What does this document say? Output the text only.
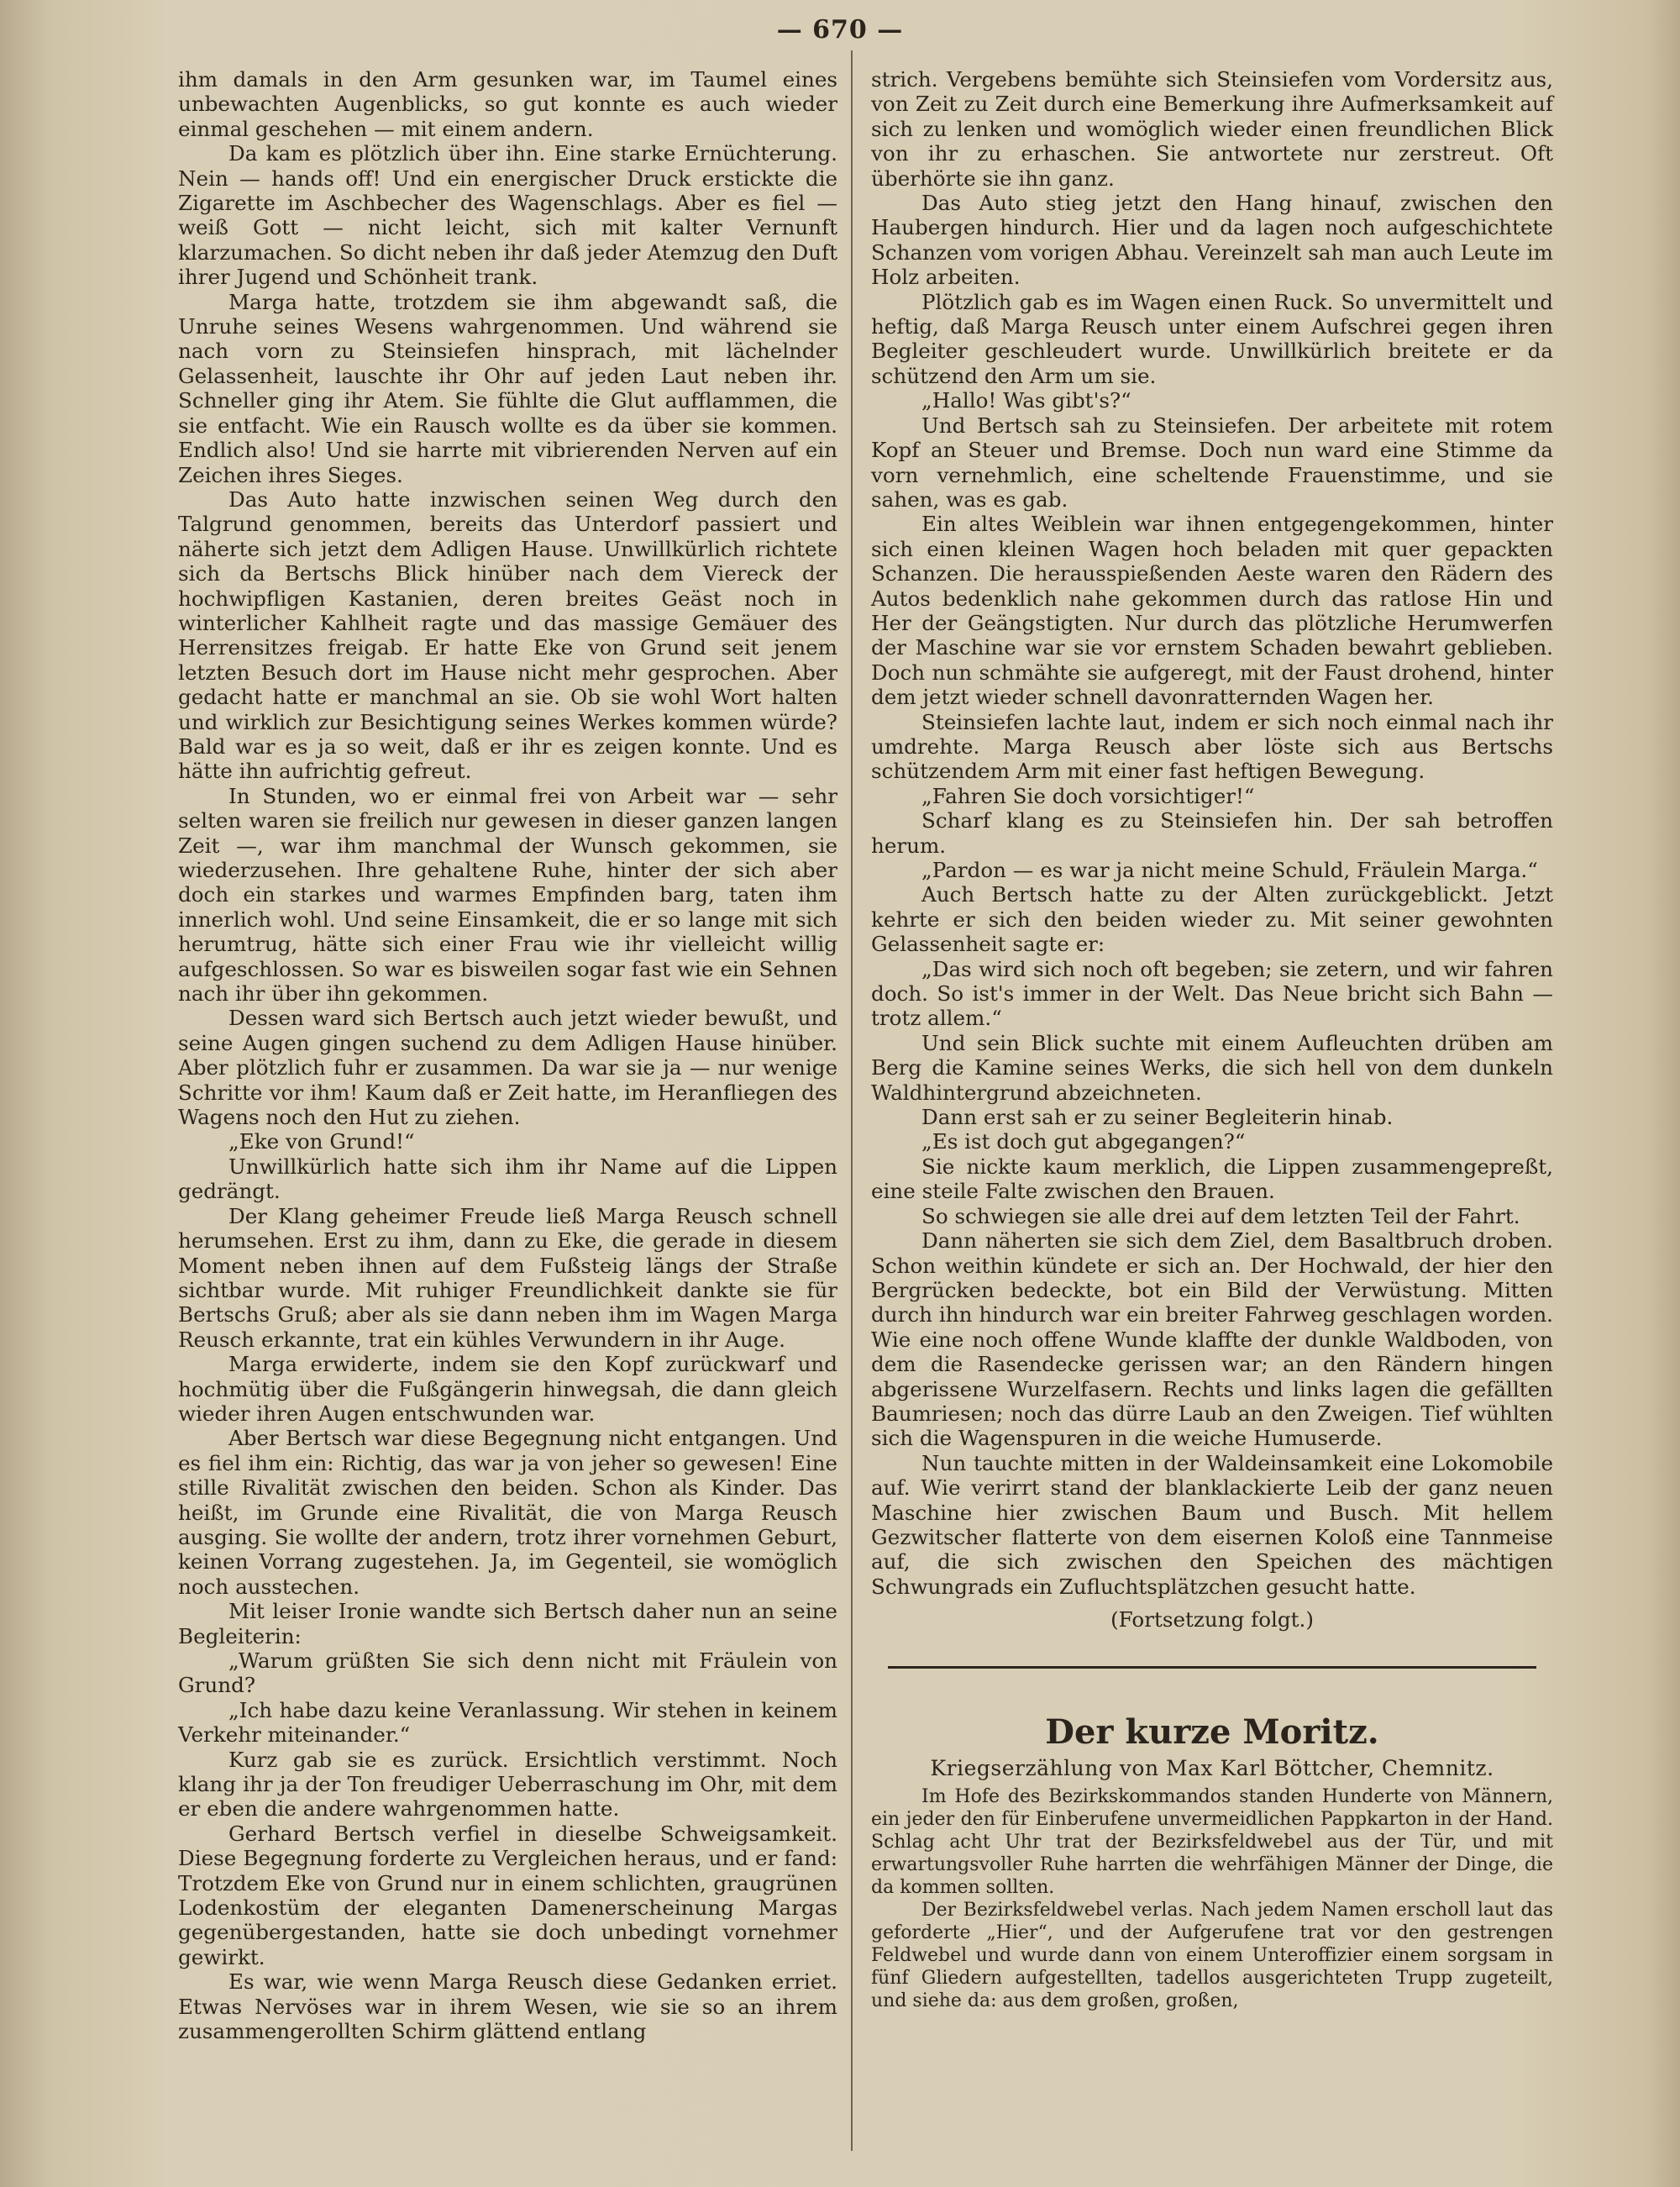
— 670 —

ihm damals in den Arm gesunken war, im Taumel eines unbewachten Augenblicks, so gut konnte es auch wieder einmal geschehen — mit einem andern.

Da kam es plötzlich über ihn. Eine starke Ernüchterung. Nein — hands off! Und ein energischer Druck erstickte die Zigarette im Aschbecher des Wagenschlags. Aber es fiel — weiß Gott — nicht leicht, sich mit kalter Vernunft klarzumachen. So dicht neben ihr daß jeder Atemzug den Duft ihrer Jugend und Schönheit trank.

Marga hatte, trotzdem sie ihm abgewandt saß, die Unruhe seines Wesens wahrgenommen. Und während sie nach vorn zu Steinsiefen hinsprach, mit lächelnder Gelassenheit, lauschte ihr Ohr auf jeden Laut neben ihr. Schneller ging ihr Atem. Sie fühlte die Glut aufflammen, die sie entfacht. Wie ein Rausch wollte es da über sie kommen. Endlich also! Und sie harrte mit vibrierenden Nerven auf ein Zeichen ihres Sieges.

Das Auto hatte inzwischen seinen Weg durch den Talgrund genommen, bereits das Unterdorf passiert und näherte sich jetzt dem Adligen Hause. Unwillkürlich richtete sich da Bertschs Blick hinüber nach dem Viereck der hochwipfligen Kastanien, deren breites Geäst noch in winterlicher Kahlheit ragte und das massige Gemäuer des Herrensitzes freigab. Er hatte Eke von Grund seit jenem letzten Besuch dort im Hause nicht mehr gesprochen. Aber gedacht hatte er manchmal an sie. Ob sie wohl Wort halten und wirklich zur Besichtigung seines Werkes kommen würde? Bald war es ja so weit, daß er ihr es zeigen konnte. Und es hätte ihn aufrichtig gefreut.

In Stunden, wo er einmal frei von Arbeit war — sehr selten waren sie freilich nur gewesen in dieser ganzen langen Zeit —, war ihm manchmal der Wunsch gekommen, sie wiederzusehen. Ihre gehaltene Ruhe, hinter der sich aber doch ein starkes und warmes Empfinden barg, taten ihm innerlich wohl. Und seine Einsamkeit, die er so lange mit sich herumtrug, hätte sich einer Frau wie ihr vielleicht willig aufgeschlossen. So war es bisweilen sogar fast wie ein Sehnen nach ihr über ihn gekommen.

Dessen ward sich Bertsch auch jetzt wieder bewußt, und seine Augen gingen suchend zu dem Adligen Hause hinüber. Aber plötzlich fuhr er zusammen. Da war sie ja — nur wenige Schritte vor ihm! Kaum daß er Zeit hatte, im Heranfliegen des Wagens noch den Hut zu ziehen.

„Eke von Grund!“

Unwillkürlich hatte sich ihm ihr Name auf die Lippen gedrängt.

Der Klang geheimer Freude ließ Marga Reusch schnell herumsehen. Erst zu ihm, dann zu Eke, die gerade in diesem Moment neben ihnen auf dem Fußsteig längs der Straße sichtbar wurde. Mit ruhiger Freundlichkeit dankte sie für Bertschs Gruß; aber als sie dann neben ihm im Wagen Marga Reusch erkannte, trat ein kühles Verwundern in ihr Auge.

Marga erwiderte, indem sie den Kopf zurückwarf und hochmütig über die Fußgängerin hinwegsah, die dann gleich wieder ihren Augen entschwunden war.

Aber Bertsch war diese Begegnung nicht entgangen. Und es fiel ihm ein: Richtig, das war ja von jeher so gewesen! Eine stille Rivalität zwischen den beiden. Schon als Kinder. Das heißt, im Grunde eine Rivalität, die von Marga Reusch ausging. Sie wollte der andern, trotz ihrer vornehmen Geburt, keinen Vorrang zugestehen. Ja, im Gegenteil, sie womöglich noch ausstechen.

Mit leiser Ironie wandte sich Bertsch daher nun an seine Begleiterin:

„Warum grüßten Sie sich denn nicht mit Fräulein von Grund?

„Ich habe dazu keine Veranlassung. Wir stehen in keinem Verkehr miteinander.“

Kurz gab sie es zurück. Ersichtlich verstimmt. Noch klang ihr ja der Ton freudiger Ueberraschung im Ohr, mit dem er eben die andere wahrgenommen hatte.

Gerhard Bertsch verfiel in dieselbe Schweigsamkeit. Diese Begegnung forderte zu Vergleichen heraus, und er fand: Trotzdem Eke von Grund nur in einem schlichten, graugrünen Lodenkostüm der eleganten Damenerscheinung Margas gegenübergestanden, hatte sie doch unbedingt vornehmer gewirkt.

Es war, wie wenn Marga Reusch diese Gedanken erriet. Etwas Nervöses war in ihrem Wesen, wie sie so an ihrem zusammengerollten Schirm glättend entlang

strich. Vergebens bemühte sich Steinsiefen vom Vordersitz aus, von Zeit zu Zeit durch eine Bemerkung ihre Aufmerksamkeit auf sich zu lenken und womöglich wieder einen freundlichen Blick von ihr zu erhaschen. Sie antwortete nur zerstreut. Oft überhörte sie ihn ganz.

Das Auto stieg jetzt den Hang hinauf, zwischen den Haubergen hindurch. Hier und da lagen noch aufgeschichtete Schanzen vom vorigen Abhau. Vereinzelt sah man auch Leute im Holz arbeiten.

Plötzlich gab es im Wagen einen Ruck. So unvermittelt und heftig, daß Marga Reusch unter einem Aufschrei gegen ihren Begleiter geschleudert wurde. Unwillkürlich breitete er da schützend den Arm um sie.

„Hallo! Was gibt's?“

Und Bertsch sah zu Steinsiefen. Der arbeitete mit rotem Kopf an Steuer und Bremse. Doch nun ward eine Stimme da vorn vernehmlich, eine scheltende Frauenstimme, und sie sahen, was es gab.

Ein altes Weiblein war ihnen entgegengekommen, hinter sich einen kleinen Wagen hoch beladen mit quer gepackten Schanzen. Die herausspießenden Aeste waren den Rädern des Autos bedenklich nahe gekommen durch das ratlose Hin und Her der Geängstigten. Nur durch das plötzliche Herumwerfen der Maschine war sie vor ernstem Schaden bewahrt geblieben. Doch nun schmähte sie aufgeregt, mit der Faust drohend, hinter dem jetzt wieder schnell davonratternden Wagen her.

Steinsiefen lachte laut, indem er sich noch einmal nach ihr umdrehte. Marga Reusch aber löste sich aus Bertschs schützendem Arm mit einer fast heftigen Bewegung.

„Fahren Sie doch vorsichtiger!“

Scharf klang es zu Steinsiefen hin. Der sah betroffen herum.

„Pardon — es war ja nicht meine Schuld, Fräulein Marga.“

Auch Bertsch hatte zu der Alten zurückgeblickt. Jetzt kehrte er sich den beiden wieder zu. Mit seiner gewohnten Gelassenheit sagte er:

„Das wird sich noch oft begeben; sie zetern, und wir fahren doch. So ist's immer in der Welt. Das Neue bricht sich Bahn — trotz allem.“

Und sein Blick suchte mit einem Aufleuchten drüben am Berg die Kamine seines Werks, die sich hell von dem dunkeln Waldhintergrund abzeichneten.

Dann erst sah er zu seiner Begleiterin hinab.

„Es ist doch gut abgegangen?“

Sie nickte kaum merklich, die Lippen zusammengepreßt, eine steile Falte zwischen den Brauen.

So schwiegen sie alle drei auf dem letzten Teil der Fahrt.

Dann näherten sie sich dem Ziel, dem Basaltbruch droben. Schon weithin kündete er sich an. Der Hochwald, der hier den Bergrücken bedeckte, bot ein Bild der Verwüstung. Mitten durch ihn hindurch war ein breiter Fahrweg geschlagen worden. Wie eine noch offene Wunde klaffte der dunkle Waldboden, von dem die Rasendecke gerissen war; an den Rändern hingen abgerissene Wurzelfasern. Rechts und links lagen die gefällten Baumriesen; noch das dürre Laub an den Zweigen. Tief wühlten sich die Wagenspuren in die weiche Humuserde.

Nun tauchte mitten in der Waldeinsamkeit eine Lokomobile auf. Wie verirrt stand der blanklackierte Leib der ganz neuen Maschine hier zwischen Baum und Busch. Mit hellem Gezwitscher flatterte von dem eisernen Koloß eine Tannmeise auf, die sich zwischen den Speichen des mächtigen Schwungrads ein Zufluchtsplätzchen gesucht hatte.

(Fortsetzung folgt.)

Der kurze Moritz.
Kriegserzählung von Max Karl Böttcher, Chemnitz.

Im Hofe des Bezirkskommandos standen Hunderte von Männern, ein jeder den für Einberufene unvermeidlichen Pappkarton in der Hand. Schlag acht Uhr trat der Bezirksfeldwebel aus der Tür, und mit erwartungsvoller Ruhe harrten die wehrfähigen Männer der Dinge, die da kommen sollten.

Der Bezirksfeldwebel verlas. Nach jedem Namen erscholl laut das geforderte „Hier“, und der Aufgerufene trat vor den gestrengen Feldwebel und wurde dann von einem Unteroffizier einem sorgsam in fünf Gliedern aufgestellten, tadellos ausgerichteten Trupp zugeteilt, und siehe da: aus dem großen, großen,
